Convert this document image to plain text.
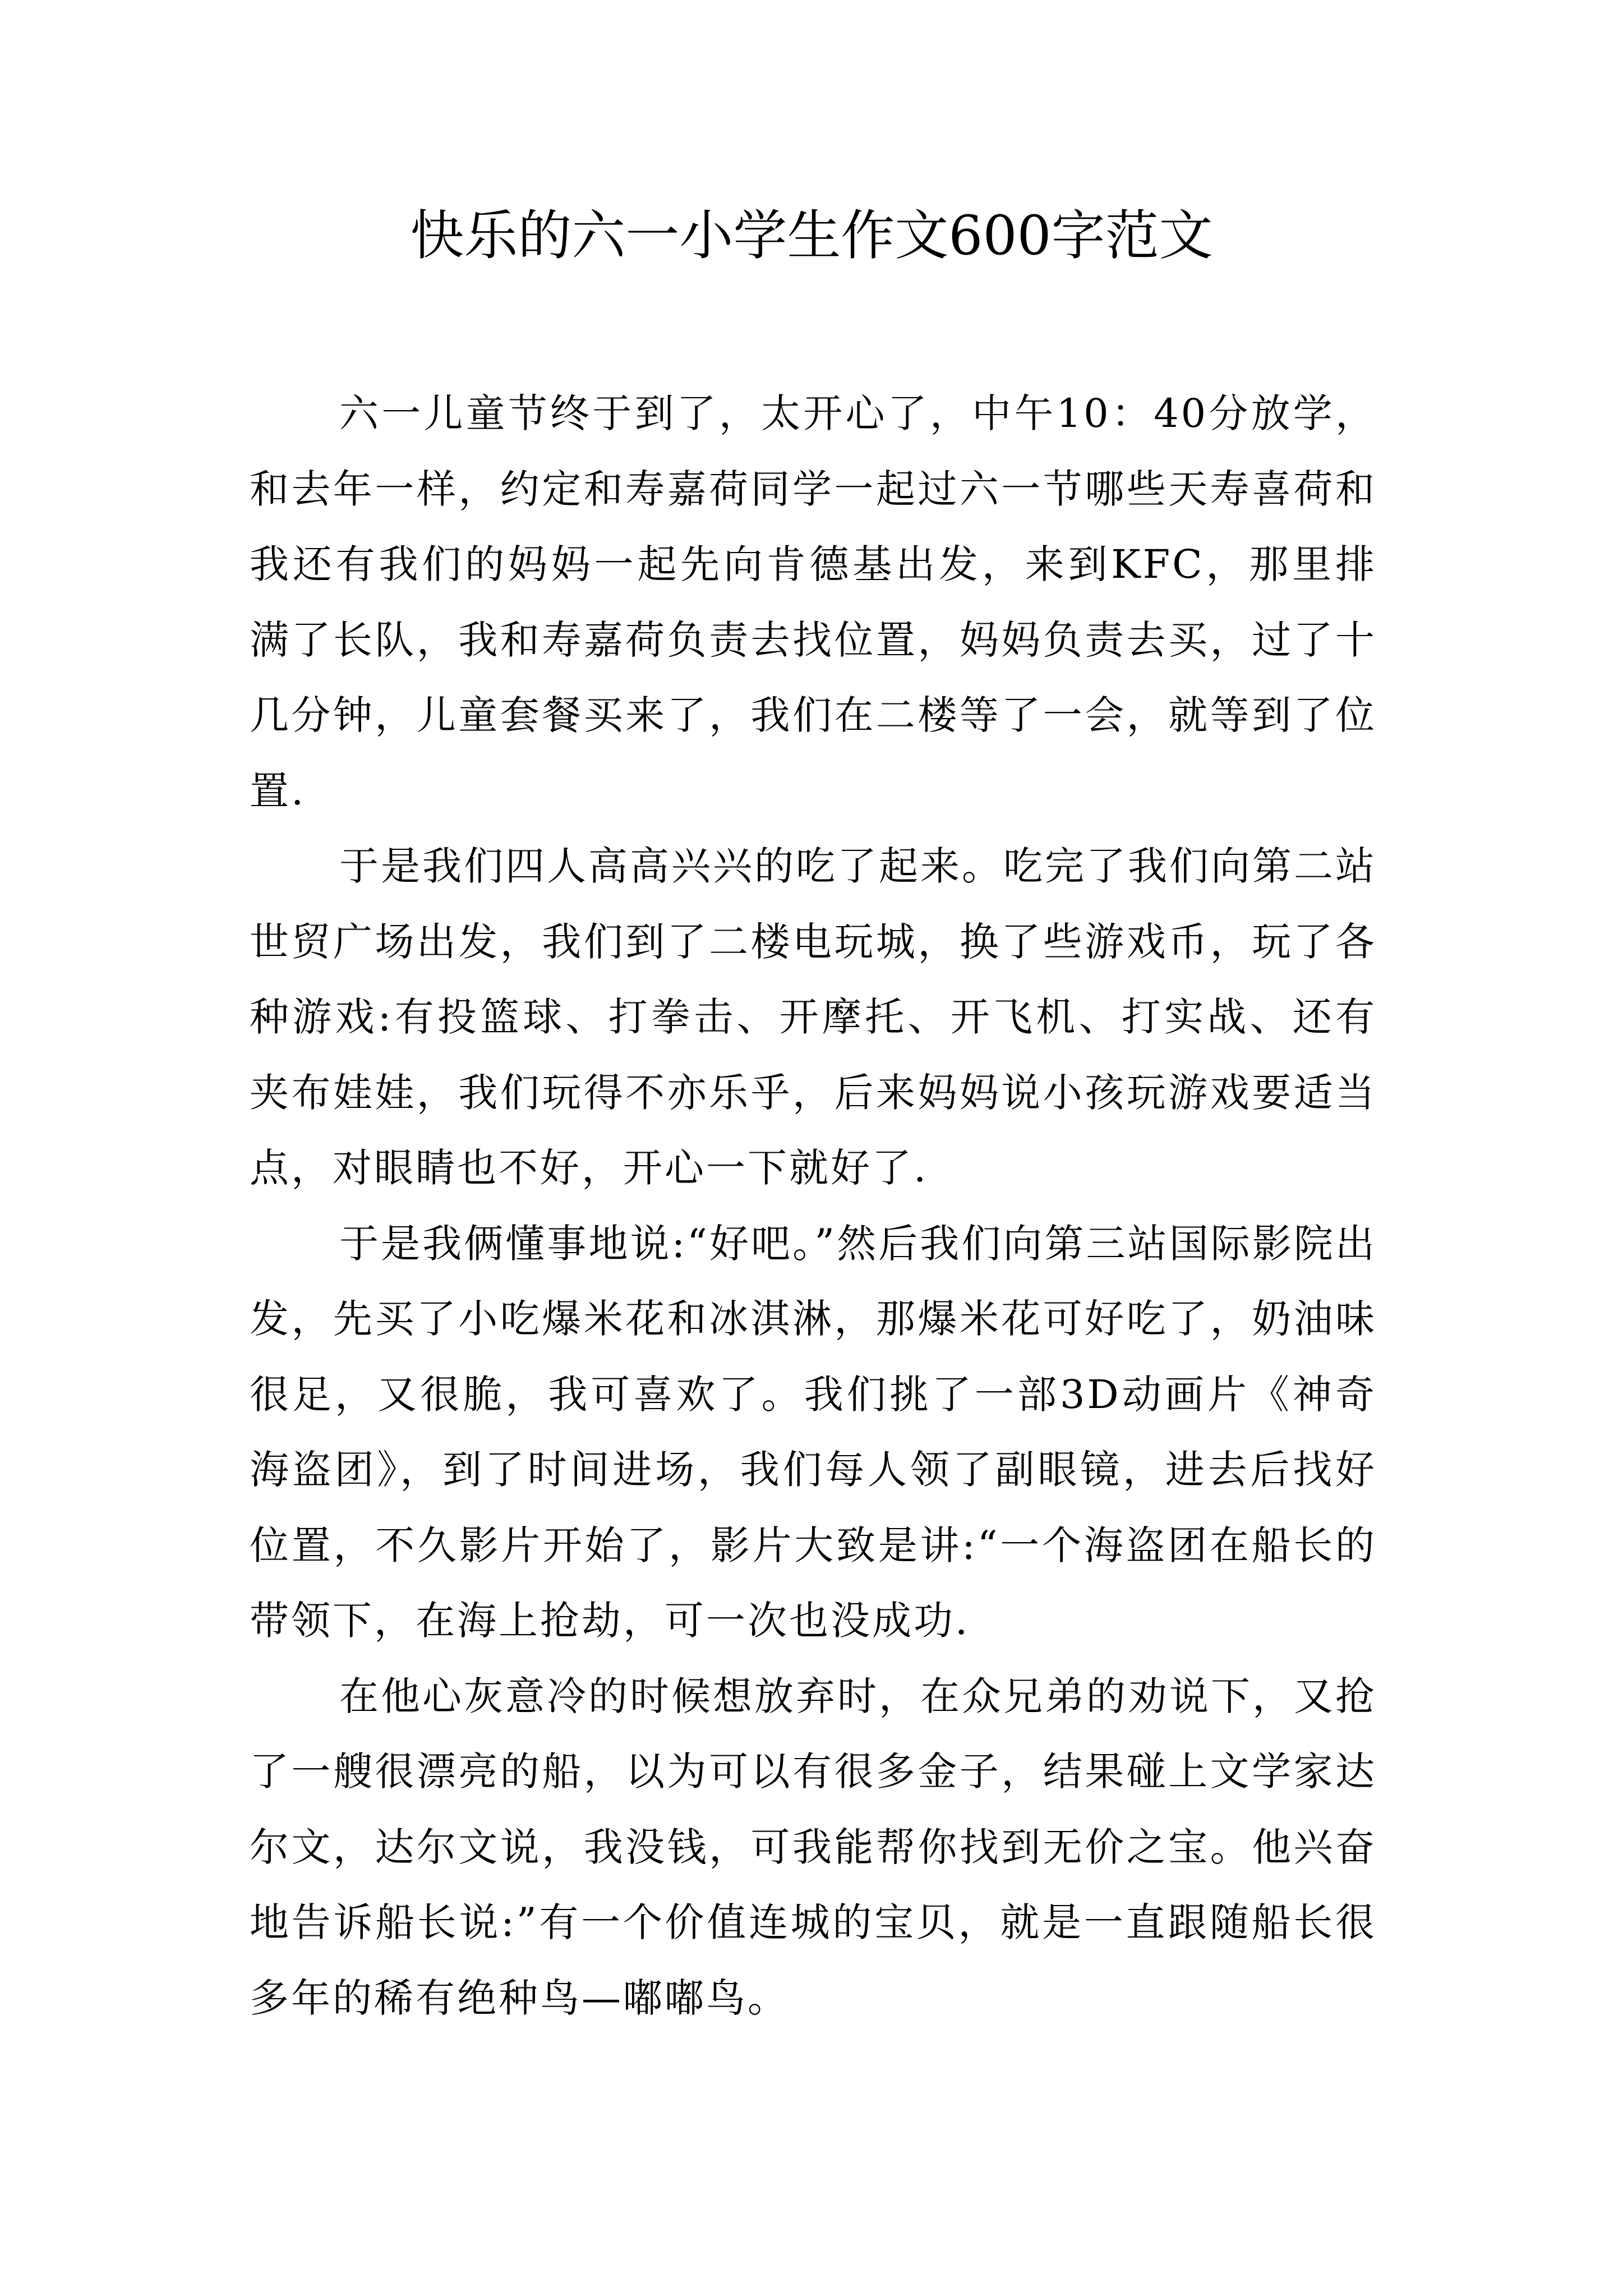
快乐的六一小学生作文600字范文

六一儿童节终于到了，太开心了，中午10：40分放学，和去年一样，约定和寿嘉荷同学一起过六一节哪些天寿喜荷和我还有我们的妈妈一起先向肯德基出发，来到KFC，那里排满了长队，我和寿嘉荷负责去找位置，妈妈负责去买，过了十几分钟，儿童套餐买来了，我们在二楼等了一会，就等到了位置.

于是我们四人高高兴兴的吃了起来。吃完了我们向第二站世贸广场出发，我们到了二楼电玩城，换了些游戏币，玩了各种游戏:有投篮球、打拳击、开摩托、开飞机、打实战、还有夹布娃娃，我们玩得不亦乐乎，后来妈妈说小孩玩游戏要适当点，对眼睛也不好，开心一下就好了.

于是我俩懂事地说:“好吧。”然后我们向第三站国际影院出发，先买了小吃爆米花和冰淇淋，那爆米花可好吃了，奶油味很足，又很脆，我可喜欢了。我们挑了一部3D动画片《神奇海盗团》，到了时间进场，我们每人领了副眼镜，进去后找好位置，不久影片开始了，影片大致是讲:“一个海盗团在船长的带领下，在海上抢劫，可一次也没成功.

在他心灰意冷的时候想放弃时，在众兄弟的劝说下，又抢了一艘很漂亮的船，以为可以有很多金子，结果碰上文学家达尔文，达尔文说，我没钱，可我能帮你找到无价之宝。他兴奋地告诉船长说:”有一个价值连城的宝贝，就是一直跟随船长很多年的稀有绝种鸟—嘟嘟鸟。
